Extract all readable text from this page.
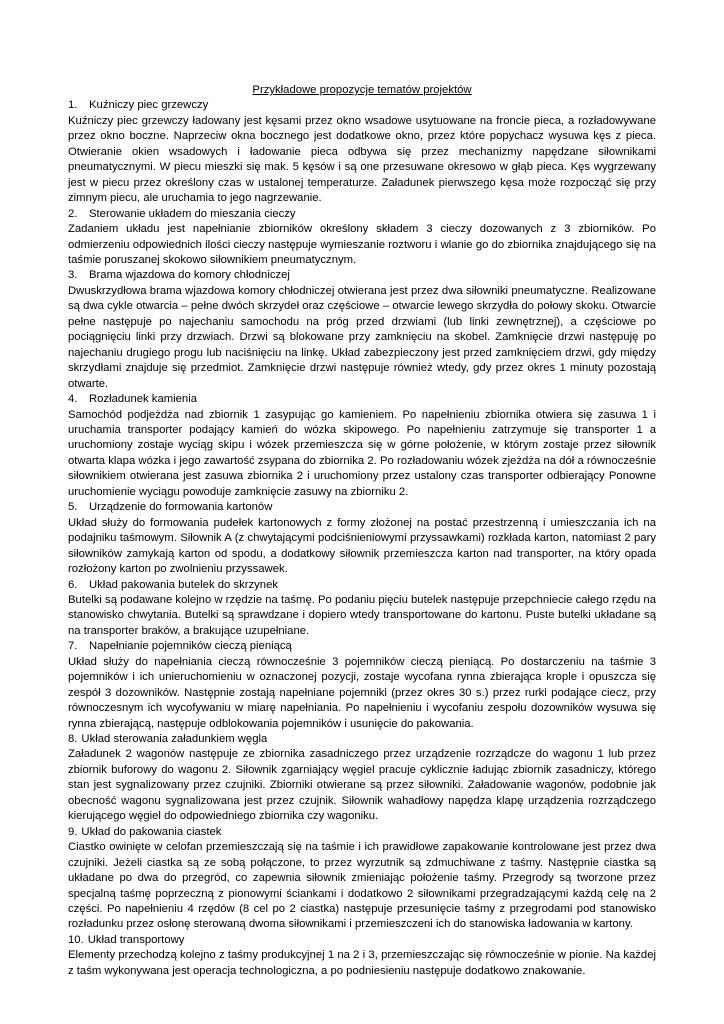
Przykładowe propozycje tematów projektów

1. Kuźniczy piec grzewczy

Kuźniczy piec grzewczy ładowany jest kęsami przez okno wsadowe usytuowane na froncie pieca, a rozładowywane przez okno boczne. Naprzeciw okna bocznego jest dodatkowe okno, przez które popychacz wysuwa kęs z pieca. Otwieranie okien wsadowych i ładowanie pieca odbywa się przez mechanizmy napędzane siłownikami pneumatycznymi. W piecu mieszki się mak. 5 kęsów i są one przesuwane okresowo w głąb pieca. Kęs wygrzewany jest w piecu przez określony czas w ustalonej temperaturze. Załadunek pierwszego kęsa może rozpocząć się przy zimnym piecu, ale uruchamia to jego nagrzewanie.

2. Sterowanie układem do mieszania cieczy

Zadaniem układu jest napełnianie zbiorników określony składem 3 cieczy dozowanych z 3 zbiorników. Po odmierzeniu odpowiednich ilości cieczy następuje wymieszanie roztworu i wlanie go do zbiornika znajdującego się na taśmie poruszanej skokowo siłownikiem pneumatycznym.

3. Brama wjazdowa do komory chłodniczej

Dwuskrzydłowa brama wjazdowa komory chłodniczej otwierana jest przez dwa siłowniki pneumatyczne. Realizowane są dwa cykle otwarcia – pełne dwóch skrzydeł oraz częściowe – otwarcie lewego skrzydła do połowy skoku. Otwarcie pełne następuje po najechaniu samochodu na próg przed drzwiami (lub linki zewnętrznej), a częściowe po pociągnięciu linki przy drzwiach. Drzwi są blokowane przy zamknięciu na skobel. Zamknięcie drzwi następuję po najechaniu drugiego progu lub naciśnięciu na linkę. Układ zabezpieczony jest przed zamknięciem drzwi, gdy między skrzydłami znajduje się przedmiot. Zamknięcie drzwi następuje również wtedy, gdy przez okres 1 minuty pozostają otwarte.

4. Rozładunek kamienia

Samochód podjeżdża nad zbiornik 1 zasypując go kamieniem. Po napełnieniu zbiornika otwiera się zasuwa 1 i uruchamia transporter podający kamień do wózka skipowego. Po napełnieniu zatrzymuje się transporter 1 a uruchomiony zostaje wyciąg skipu i wózek przemieszcza się w górne położenie, w którym zostaje przez siłownik otwarta klapa wózka i jego zawartość zsypana do zbiornika 2. Po rozładowaniu wózek zjeżdża na dół a równocześnie siłownikiem otwierana jest zasuwa zbiornika 2 i uruchomiony przez ustalony czas transporter odbierający Ponowne uruchomienie wyciągu powoduje zamknięcie zasuwy na zbiorniku 2.

5. Urządzenie do formowania kartonów

Układ służy do formowania pudełek kartonowych z formy złożonej na postać przestrzenną i umieszczania ich na podajniku taśmowym. Siłownik A (z chwytającymi podciśnieniowymi przyssawkami) rozkłada karton, natomiast 2 pary siłowników zamykają karton od spodu, a dodatkowy siłownik przemieszcza karton nad transporter, na który opada rozłożony karton po zwolnieniu przyssawek.

6. Układ pakowania butelek do skrzynek

Butelki są podawane kolejno w rzędzie na taśmę. Po podaniu pięciu butelek następuje przepchniecie całego rzędu na stanowisko chwytania. Butelki są sprawdzane i dopiero wtedy transportowane do kartonu. Puste butelki układane są na transporter braków, a brakujące uzupełniane.

7. Napełnianie pojemników cieczą pieniącą

Układ służy do napełniania cieczą równocześnie 3 pojemników cieczą pieniącą. Po dostarczeniu na taśmie 3 pojemników i ich unieruchomieniu w oznaczonej pozycji, zostaje wycofana rynna zbierająca krople i opuszcza się zespół 3 dozowników. Następnie zostają napełniane pojemniki (przez okres 30 s.) przez rurki podające ciecz, przy równoczesnym ich wycofywaniu w miarę napełniania. Po napełnieniu i wycofaniu zespołu dozowników wysuwa się rynna zbierającą, następuje odblokowania pojemników i usunięcie do pakowania.

8. Układ sterowania załadunkiem węgla

Załadunek 2 wagonów następuje ze zbiornika zasadniczego przez urządzenie rozrządcze do wagonu 1 lub przez zbiornik buforowy do wagonu 2. Siłownik zgarniający węgiel pracuje cyklicznie ładując zbiornik zasadniczy, którego stan jest sygnalizowany przez czujniki. Zbiorniki otwierane są przez siłowniki. Załadowanie wagonów, podobnie jak obecność wagonu sygnalizowana jest przez czujnik. Siłownik wahadłowy napędza klapę urządzenia rozrządczego kierującego węgiel do odpowiedniego zbiornika czy wagoniku.

9. Układ do pakowania ciastek

Ciastko owinięte w celofan przemieszczają się na taśmie i ich prawidłowe zapakowanie kontrolowane jest przez dwa czujniki. Jeżeli ciastka są ze sobą połączone, to przez wyrzutnik są zdmuchiwane z taśmy. Następnie ciastka są układane po dwa do przegród, co zapewnia siłownik zmieniając położenie taśmy. Przegrody są tworzone przez specjalną taśmę poprzeczną z pionowymi ściankami i dodatkowo 2 siłownikami przegradzającymi każdą celę na 2 części. Po napełnieniu 4 rzędów (8 cel po 2 ciastka) następuje przesunięcie taśmy z przegrodami pod stanowisko rozładunku przez osłonę sterowaną dwoma siłownikami i przemieszczeni ich do stanowiska ładowania w kartony.

10. Układ transportowy

Elementy przechodzą kolejno z taśmy produkcyjnej 1 na 2 i 3, przemieszczając się równocześnie w pionie. Na każdej z taśm wykonywana jest operacja technologiczna, a po podniesieniu następuje dodatkowo znakowanie.
